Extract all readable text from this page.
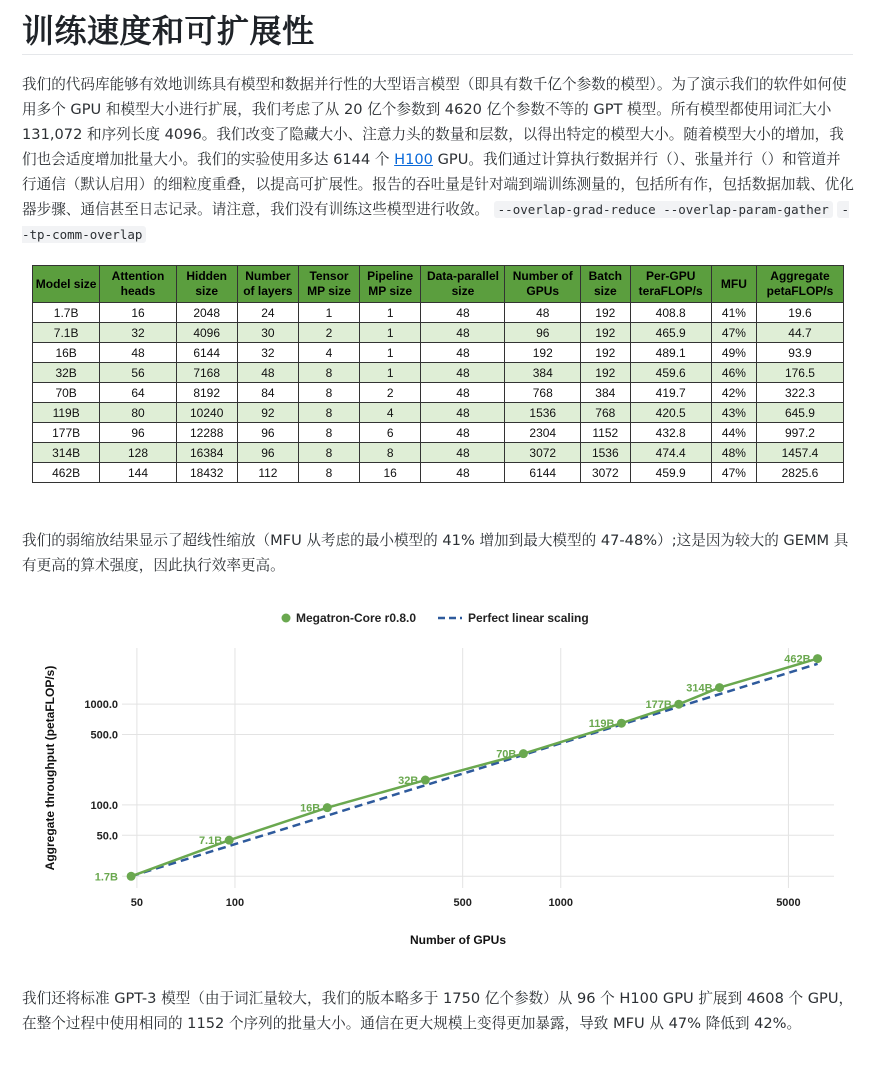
训练速度和可扩展性

我们的代码库能够有效地训练具有模型和数据并行性的大型语言模型（即具有数千亿个参数的模型）。为了演示我们的软件如何使用多个 GPU 和模型大小进行扩展，我们考虑了从 20 亿个参数到 4620 亿个参数不等的 GPT 模型。所有模型都使用词汇大小 131,072 和序列长度 4096。我们改变了隐藏大小、注意力头的数量和层数，以得出特定的模型大小。随着模型大小的增加，我们也会适度增加批量大小。我们的实验使用多达 6144 个 H100 GPU。我们通过计算执行数据并行（）、张量并行（）和管道并行通信（默认启用）的细粒度重叠，以提高可扩展性。报告的吞吐量是针对端到端训练测量的，包括所有作，包括数据加载、优化器步骤、通信甚至日志记录。请注意，我们没有训练这些模型进行收敛。 --overlap-grad-reduce --overlap-param-gather --tp-comm-overlap

Model size	Attention heads	Hidden size	Number of layers	Tensor MP size	Pipeline MP size	Data-parallel size	Number of GPUs	Batch size	Per-GPU teraFLOP/s	MFU	Aggregate petaFLOP/s
1.7B	16	2048	24	1	1	48	48	192	408.8	41%	19.6
7.1B	32	4096	30	2	1	48	96	192	465.9	47%	44.7
16B	48	6144	32	4	1	48	192	192	489.1	49%	93.9
32B	56	7168	48	8	1	48	384	192	459.6	46%	176.5
70B	64	8192	84	8	2	48	768	384	419.7	42%	322.3
119B	80	10240	92	8	4	48	1536	768	420.5	43%	645.9
177B	96	12288	96	8	6	48	2304	1152	432.8	44%	997.2
314B	128	16384	96	8	8	48	3072	1536	474.4	48%	1457.4
462B	144	18432	112	8	16	48	6144	3072	459.9	47%	2825.6

我们的弱缩放结果显示了超线性缩放（MFU 从考虑的最小模型的 41% 增加到最大模型的 47-48%）;这是因为较大的 GEMM 具有更高的算术强度，因此执行效率更高。

50	100	500	1000	5000
1.7B
50.0
100.0
500.0
1000.0
Number of GPUs
Aggregate throughput (petaFLOP/s)	7.1B
16B
32B
70B
119B
177B
314B
462B
Megatron-Core r0.8.0	Perfect linear scaling

我们还将标准 GPT-3 模型（由于词汇量较大，我们的版本略多于 1750 亿个参数）从 96 个 H100 GPU 扩展到 4608 个 GPU，在整个过程中使用相同的 1152 个序列的批量大小。通信在更大规模上变得更加暴露，导致 MFU 从 47% 降低到 42%。
